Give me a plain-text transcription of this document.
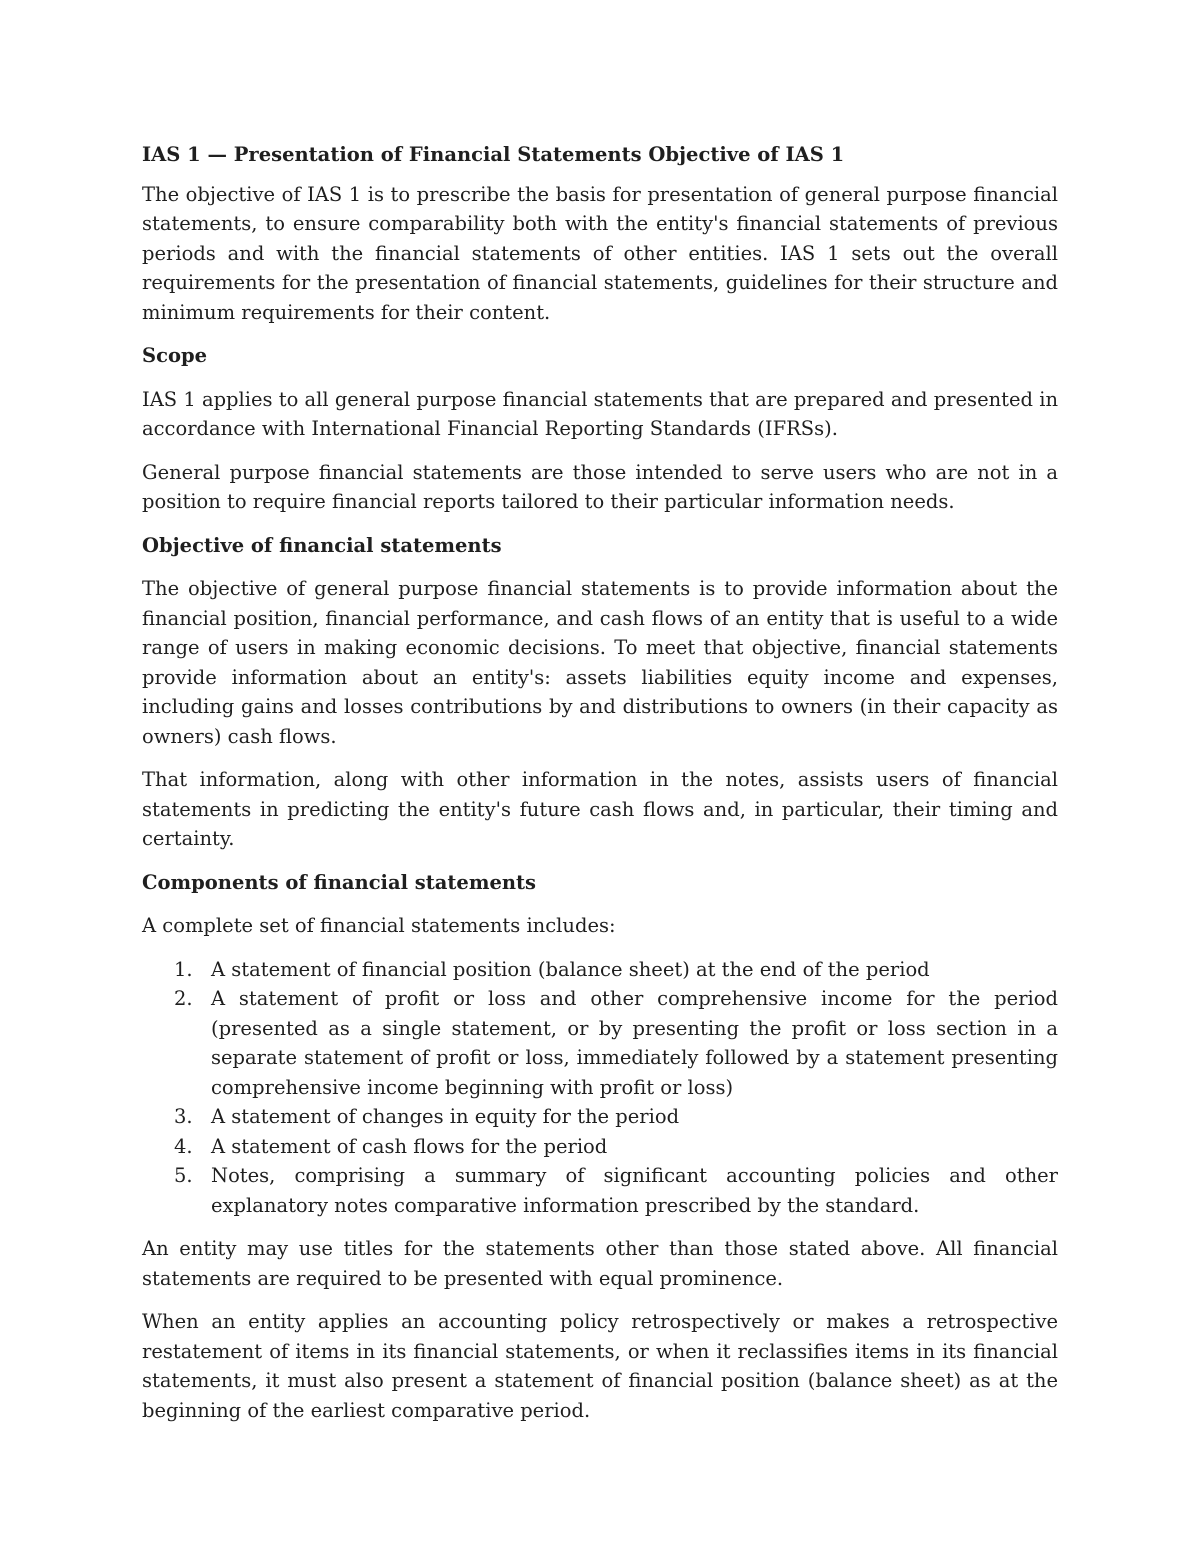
IAS 1 — Presentation of Financial Statements Objective of IAS 1

The objective of IAS 1 is to prescribe the basis for presentation of general purpose financial statements, to ensure comparability both with the entity's financial statements of previous periods and with the financial statements of other entities. IAS 1 sets out the overall requirements for the presentation of financial statements, guidelines for their structure and minimum requirements for their content.

Scope

IAS 1 applies to all general purpose financial statements that are prepared and presented in accordance with International Financial Reporting Standards (IFRSs).

General purpose financial statements are those intended to serve users who are not in a position to require financial reports tailored to their particular information needs.

Objective of financial statements

The objective of general purpose financial statements is to provide information about the financial position, financial performance, and cash flows of an entity that is useful to a wide range of users in making economic decisions. To meet that objective, financial statements provide information about an entity's: assets liabilities equity income and expenses, including gains and losses contributions by and distributions to owners (in their capacity as owners) cash flows.

That information, along with other information in the notes, assists users of financial statements in predicting the entity's future cash flows and, in particular, their timing and certainty.

Components of financial statements

A complete set of financial statements includes:

1. A statement of financial position (balance sheet) at the end of the period
2. A statement of profit or loss and other comprehensive income for the period (presented as a single statement, or by presenting the profit or loss section in a separate statement of profit or loss, immediately followed by a statement presenting comprehensive income beginning with profit or loss)
3. A statement of changes in equity for the period
4. A statement of cash flows for the period
5. Notes, comprising a summary of significant accounting policies and other explanatory notes comparative information prescribed by the standard.

An entity may use titles for the statements other than those stated above. All financial statements are required to be presented with equal prominence.

When an entity applies an accounting policy retrospectively or makes a retrospective restatement of items in its financial statements, or when it reclassifies items in its financial statements, it must also present a statement of financial position (balance sheet) as at the beginning of the earliest comparative period.
